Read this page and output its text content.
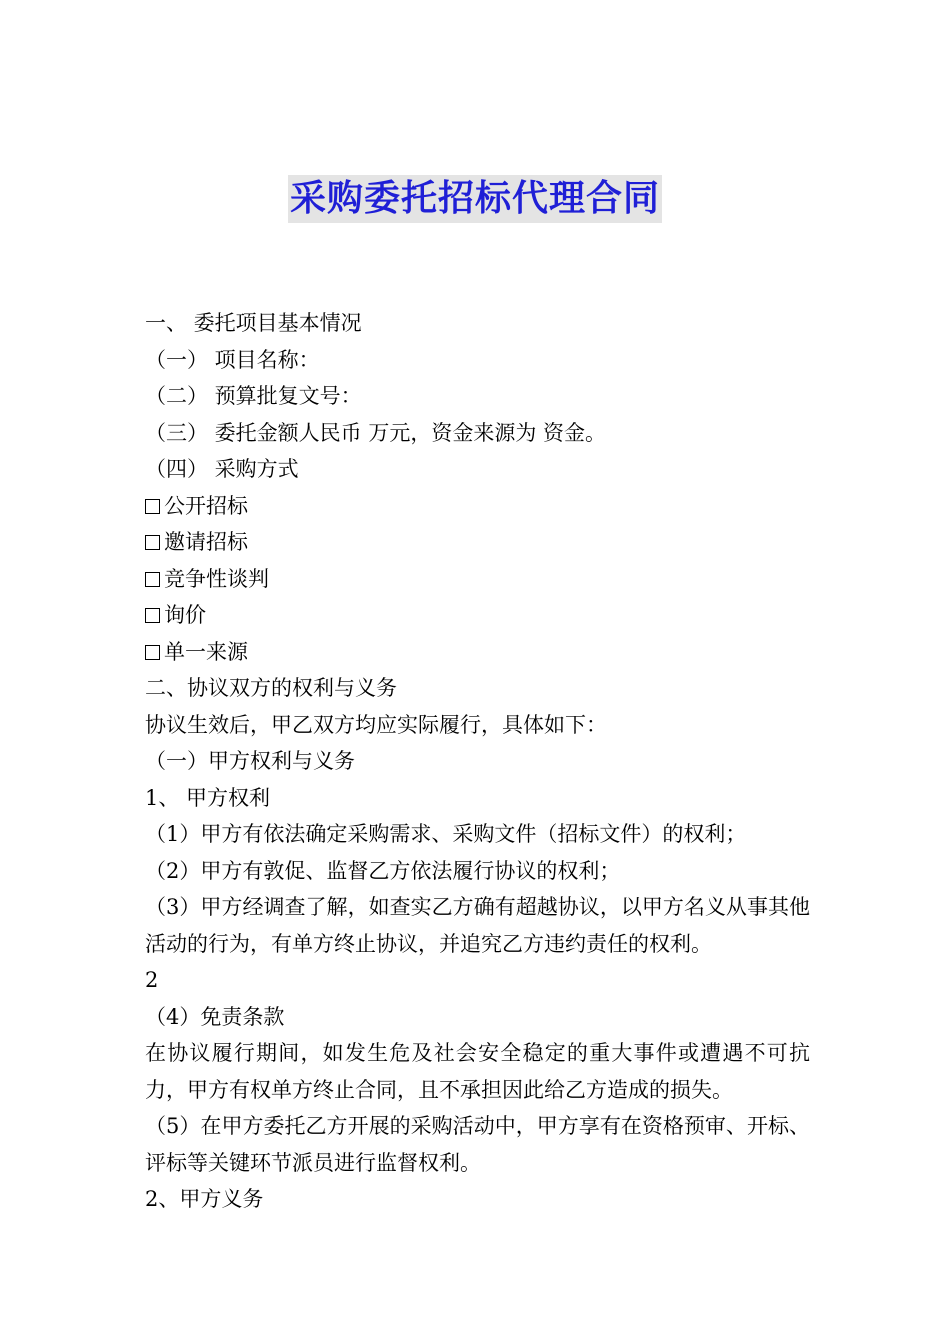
采购委托招标代理合同
一、 委托项目基本情况
（一） 项目名称：
（二） 预算批复文号：
（三） 委托金额人民币 万元，资金来源为 资金。
（四） 采购方式
公开招标
邀请招标
竞争性谈判
询价
单一来源
二、协议双方的权利与义务
协议生效后，甲乙双方均应实际履行，具体如下：
（一）甲方权利与义务
1、 甲方权利
（1）甲方有依法确定采购需求、采购文件（招标文件）的权利；
（2）甲方有敦促、监督乙方依法履行协议的权利；
（3）甲方经调查了解，如查实乙方确有超越协议，以甲方名义从事其他活动的行为，有单方终止协议，并追究乙方违约责任的权利。
2
（4）免责条款
在协议履行期间，如发生危及社会安全稳定的重大事件或遭遇不可抗力，甲方有权单方终止合同，且不承担因此给乙方造成的损失。
（5）在甲方委托乙方开展的采购活动中，甲方享有在资格预审、开标、评标等关键环节派员进行监督权利。
2、甲方义务
